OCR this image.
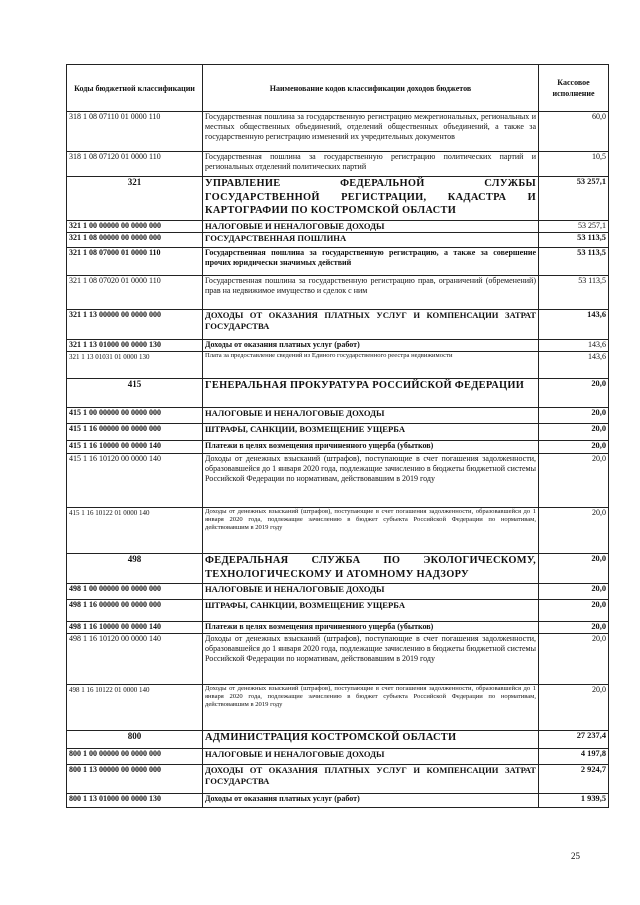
Коды бюджетной классификации	Наименование кодов классификации доходов бюджетов	Кассовое исполнение
318 1 08 07110 01 0000 110	Государственная пошлина за государственную регистрацию межрегиональных, региональных и местных общественных объединений, отделений общественных объединений, а также за государственную регистрацию изменений их учредительных документов	60,0
318 1 08 07120 01 0000 110	Государственная пошлина за государственную регистрацию политических партий и региональных отделений политических партий	10,5
321	УПРАВЛЕНИЕ ФЕДЕРАЛЬНОЙ СЛУЖБЫ ГОСУДАРСТВЕННОЙ РЕГИСТРАЦИИ, КАДАСТРА И КАРТОГРАФИИ ПО КОСТРОМСКОЙ ОБЛАСТИ	53 257,1
321 1 00 00000 00 0000 000	НАЛОГОВЫЕ И НЕНАЛОГОВЫЕ ДОХОДЫ	53 257,1
321 1 08 00000 00 0000 000	ГОСУДАРСТВЕННАЯ ПОШЛИНА	53 113,5
321 1 08 07000 01 0000 110	Государственная пошлина за государственную регистрацию, а также за совершение прочих юридически значимых действий	53 113,5
321 1 08 07020 01 0000 110	Государственная пошлина за государственную регистрацию прав, ограничений (обременений) прав на недвижимое имущество и сделок с ним	53 113,5
321 1 13 00000 00 0000 000	ДОХОДЫ ОТ ОКАЗАНИЯ ПЛАТНЫХ УСЛУГ И КОМПЕНСАЦИИ ЗАТРАТ ГОСУДАРСТВА	143,6
321 1 13 01000 00 0000 130	Доходы от оказания платных услуг (работ)	143,6
321 1 13 01031 01 0000 130	Плата за предоставление сведений из Единого государственного реестра недвижимости	143,6
415	ГЕНЕРАЛЬНАЯ ПРОКУРАТУРА РОССИЙСКОЙ ФЕДЕРАЦИИ	20,0
415 1 00 00000 00 0000 000	НАЛОГОВЫЕ И НЕНАЛОГОВЫЕ ДОХОДЫ	20,0
415 1 16 00000 00 0000 000	ШТРАФЫ, САНКЦИИ, ВОЗМЕЩЕНИЕ УЩЕРБА	20,0
415 1 16 10000 00 0000 140	Платежи в целях возмещения причиненного ущерба (убытков)	20,0
415 1 16 10120 00 0000 140	Доходы от денежных взысканий (штрафов), поступающие в счет погашения задолженности, образовавшейся до 1 января 2020 года, подлежащие зачислению в бюджеты бюджетной системы Российской Федерации по нормативам, действовавшим в 2019 году	20,0
415 1 16 10122 01 0000 140	Доходы от денежных взысканий (штрафов), поступающие в счет погашения задолженности, образовавшейся до 1 января 2020 года, подлежащие зачислению в бюджет субъекта Российской Федерации по нормативам, действовавшим в 2019 году	20,0
498	ФЕДЕРАЛЬНАЯ СЛУЖБА ПО ЭКОЛОГИЧЕСКОМУ, ТЕХНОЛОГИЧЕСКОМУ И АТОМНОМУ НАДЗОРУ	20,0
498 1 00 00000 00 0000 000	НАЛОГОВЫЕ И НЕНАЛОГОВЫЕ ДОХОДЫ	20,0
498 1 16 00000 00 0000 000	ШТРАФЫ, САНКЦИИ, ВОЗМЕЩЕНИЕ УЩЕРБА	20,0
498 1 16 10000 00 0000 140	Платежи в целях возмещения причиненного ущерба (убытков)	20,0
498 1 16 10120 00 0000 140	Доходы от денежных взысканий (штрафов), поступающие в счет погашения задолженности, образовавшейся до 1 января 2020 года, подлежащие зачислению в бюджеты бюджетной системы Российской Федерации по нормативам, действовавшим в 2019 году	20,0
498 1 16 10122 01 0000 140	Доходы от денежных взысканий (штрафов), поступающие в счет погашения задолженности, образовавшейся до 1 января 2020 года, подлежащие зачислению в бюджет субъекта Российской Федерации по нормативам, действовавшим в 2019 году	20,0
800	АДМИНИСТРАЦИЯ КОСТРОМСКОЙ ОБЛАСТИ	27 237,4
800 1 00 00000 00 0000 000	НАЛОГОВЫЕ И НЕНАЛОГОВЫЕ ДОХОДЫ	4 197,8
800 1 13 00000 00 0000 000	ДОХОДЫ ОТ ОКАЗАНИЯ ПЛАТНЫХ УСЛУГ И КОМПЕНСАЦИИ ЗАТРАТ ГОСУДАРСТВА	2 924,7
800 1 13 01000 00 0000 130	Доходы от оказания платных услуг (работ)	1 939,5
25
